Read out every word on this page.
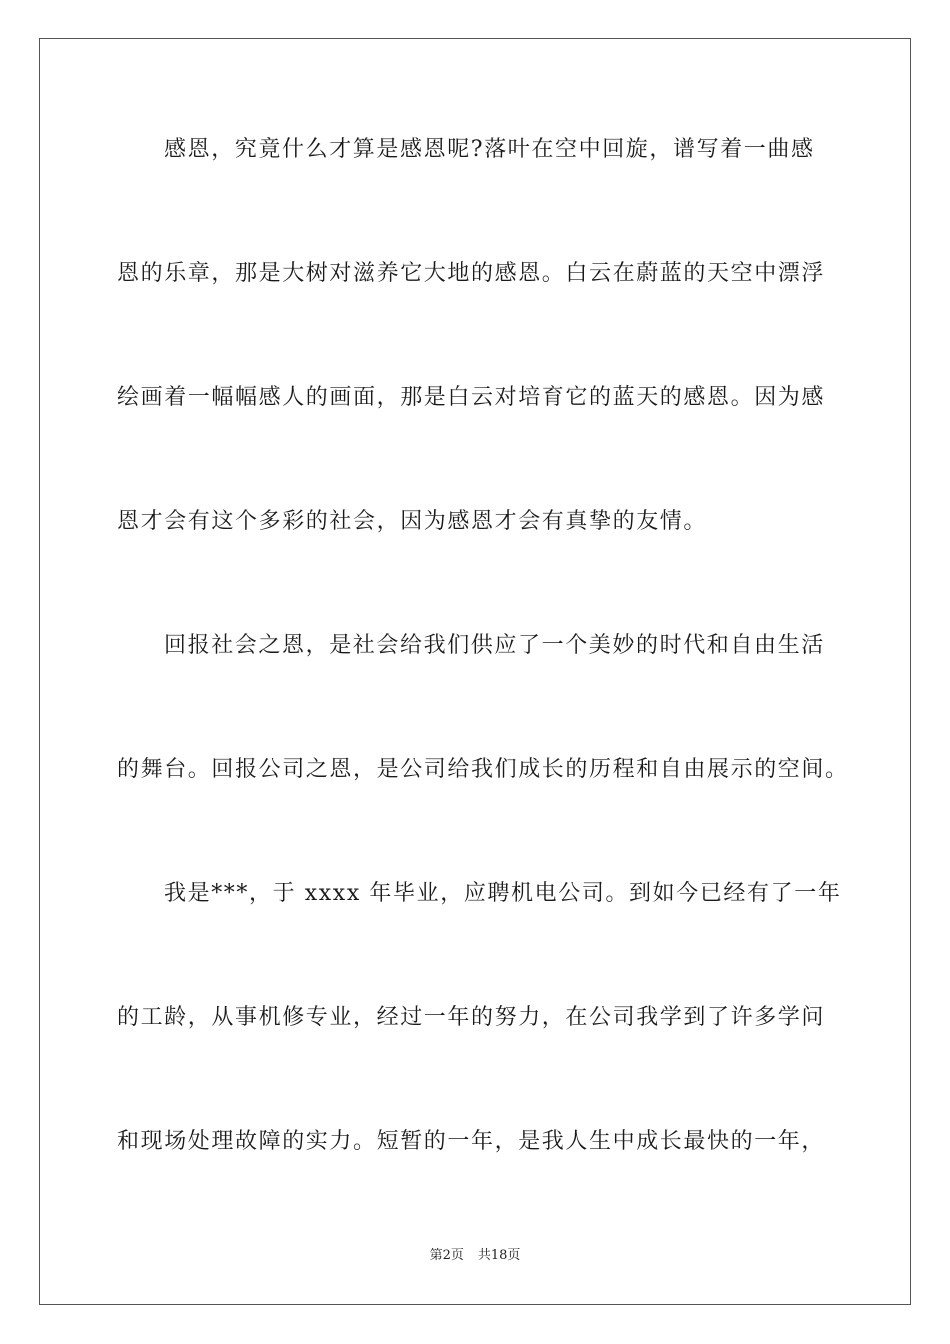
感恩，究竟什么才算是感恩呢?落叶在空中回旋，谱写着一曲感
恩的乐章，那是大树对滋养它大地的感恩。白云在蔚蓝的天空中漂浮
绘画着一幅幅感人的画面，那是白云对培育它的蓝天的感恩。因为感
恩才会有这个多彩的社会，因为感恩才会有真挚的友情。
回报社会之恩，是社会给我们供应了一个美妙的时代和自由生活
的舞台。回报公司之恩，是公司给我们成长的历程和自由展示的空间。
我是***，于 xxxx 年毕业，应聘机电公司。到如今已经有了一年
的工龄，从事机修专业，经过一年的努力，在公司我学到了许多学问
和现场处理故障的实力。短暂的一年，是我人生中成长最快的一年，
第2页 共18页
